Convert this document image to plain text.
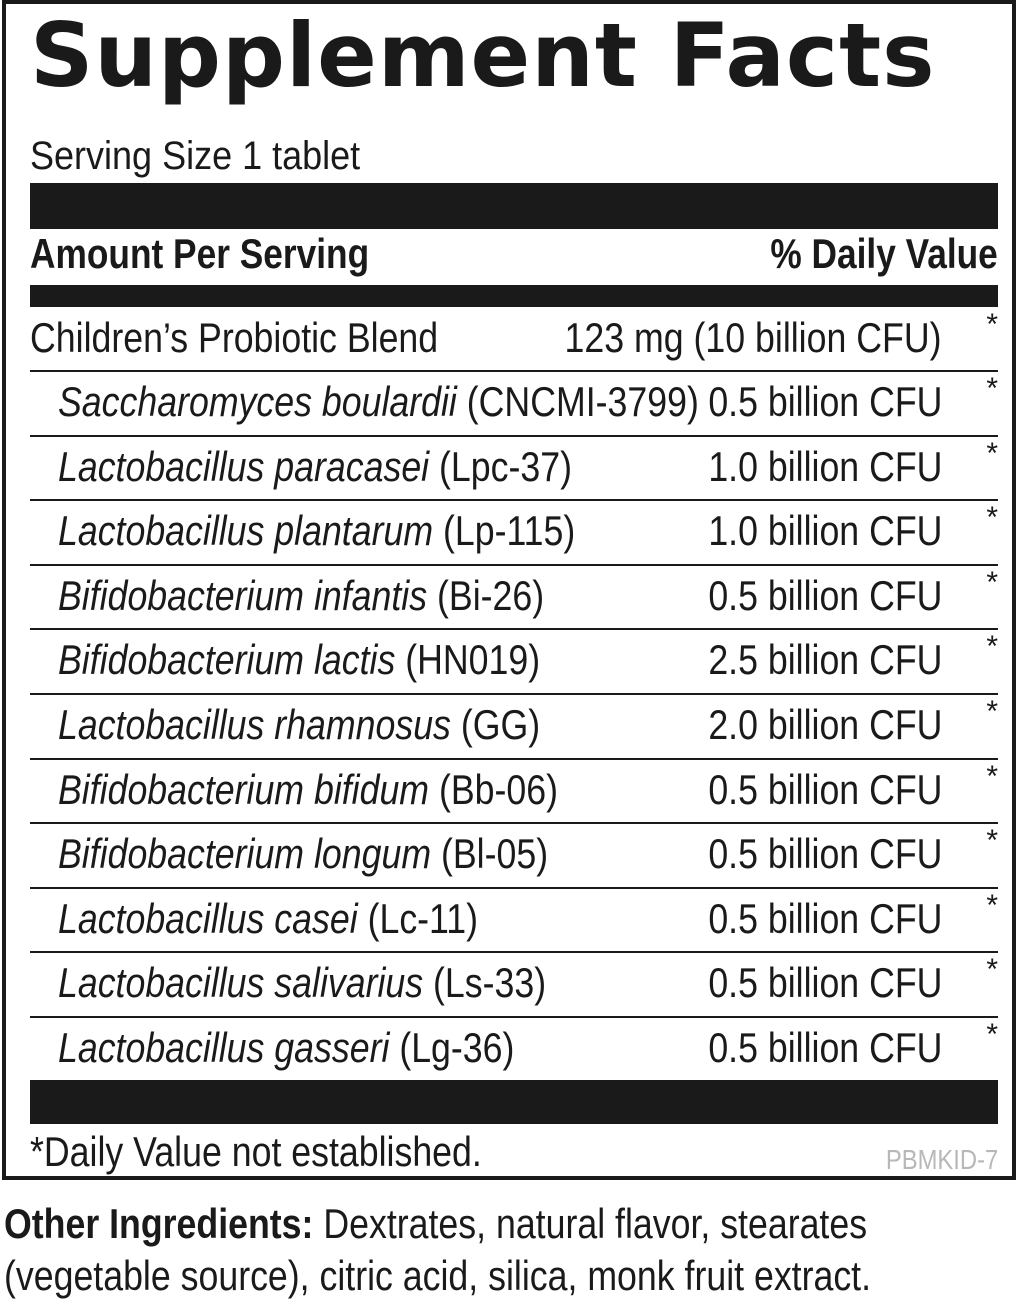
Supplement Facts
Serving Size 1 tablet
Amount Per Serving	% Daily Value
Children’s Probiotic Blend	123 mg (10 billion CFU) *
Saccharomyces boulardii (CNCMI-3799) 0.5 billion CFU *
Lactobacillus paracasei (Lpc-37)	1.0 billion CFU *
Lactobacillus plantarum (Lp-115)	1.0 billion CFU *
Bifidobacterium infantis (Bi-26)	0.5 billion CFU *
Bifidobacterium lactis (HN019)	2.5 billion CFU *
Lactobacillus rhamnosus (GG)	2.0 billion CFU *
Bifidobacterium bifidum (Bb-06)	0.5 billion CFU *
Bifidobacterium longum (Bl-05)	0.5 billion CFU *
Lactobacillus casei (Lc-11)	0.5 billion CFU *
Lactobacillus salivarius (Ls-33)	0.5 billion CFU *
Lactobacillus gasseri (Lg-36)	0.5 billion CFU *
*Daily Value not established.	PBMKID-7
Other Ingredients: Dextrates, natural flavor, stearates (vegetable source), citric acid, silica, monk fruit extract.
